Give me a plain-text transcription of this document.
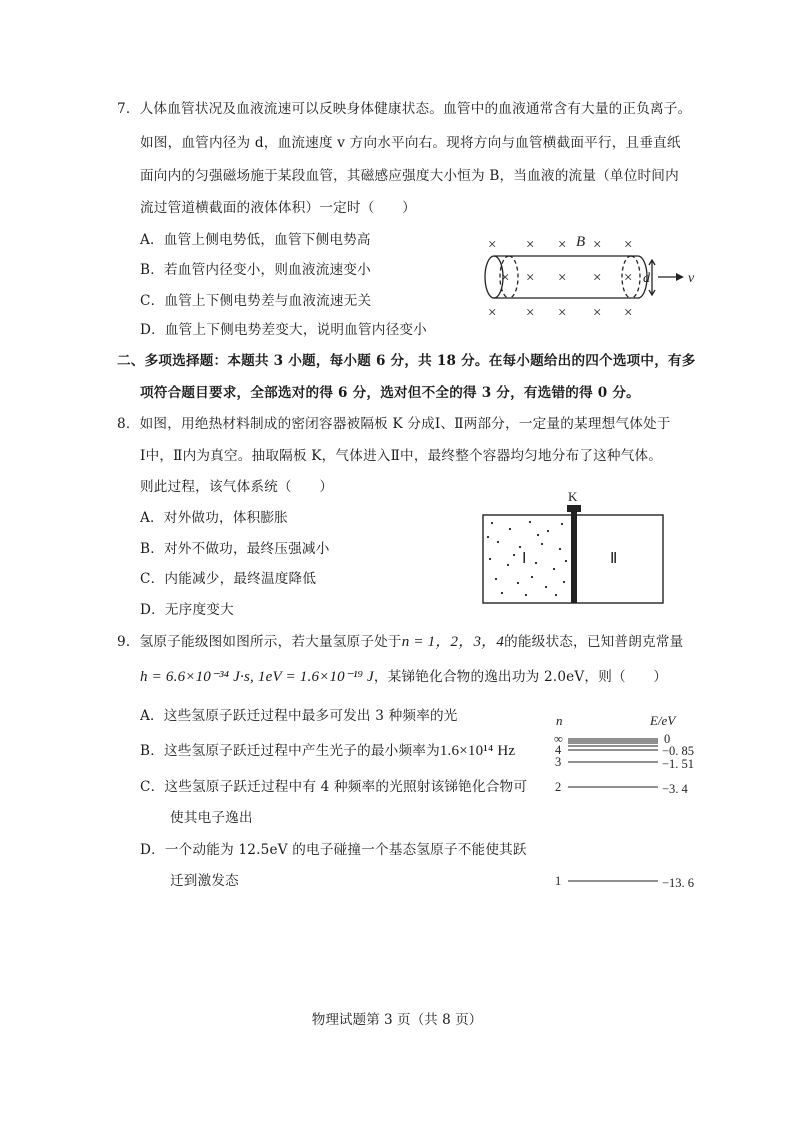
7．人体血管状况及血液流速可以反映身体健康状态。血管中的血液通常含有大量的正负离子。
如图，血管内径为 d，血流速度 v 方向水平向右。现将方向与血管横截面平行，且垂直纸
面向内的匀强磁场施于某段血管，其磁感应强度大小恒为 B，当血液的流量（单位时间内
流过管道横截面的液体体积）一定时（　　）
A．血管上侧电势低，血管下侧电势高
B．若血管内径变小，则血液流速变小
C．血管上下侧电势差与血液流速无关
D．血管上下侧电势差变大，说明血管内径变小
× × × × ×
B
× × × × ×
× × × × ×
d	v
二、多项选择题：本题共 3 小题，每小题 6 分，共 18 分。在每小题给出的四个选项中，有多
项符合题目要求，全部选对的得 6 分，选对但不全的得 3 分，有选错的得 0 分。
8．如图，用绝热材料制成的密闭容器被隔板 K 分成Ⅰ、Ⅱ两部分，一定量的某理想气体处于
Ⅰ中，Ⅱ内为真空。抽取隔板 K，气体进入Ⅱ中，最终整个容器均匀地分布了这种气体。
则此过程，该气体系统（　　）
A．对外做功，体积膨胀
B．对外不做功，最终压强减小
C．内能减少，最终温度降低
D．无序度变大
K
Ⅰ	Ⅱ
9．氢原子能级图如图所示，若大量氢原子处于n = 1，2，3，4的能级状态，已知普朗克常量
h = 6.6×10⁻³⁴ J·s, 1eV = 1.6×10⁻¹⁹ J，某锑铯化合物的逸出功为 2.0eV，则（　　）
A．这些氢原子跃迁过程中最多可发出 3 种频率的光
B．这些氢原子跃迁过程中产生光子的最小频率为1.6×10¹⁴ Hz
C．这些氢原子跃迁过程中有 4 种频率的光照射该锑铯化合物可
使其电子逸出
D．一个动能为 12.5eV 的电子碰撞一个基态氢原子不能使其跃
迁到激发态
n	E/eV
∞
4
3
2
1
0
−0. 85
−1. 51
−3. 4
−13. 6
物理试题第 3 页（共 8 页）
